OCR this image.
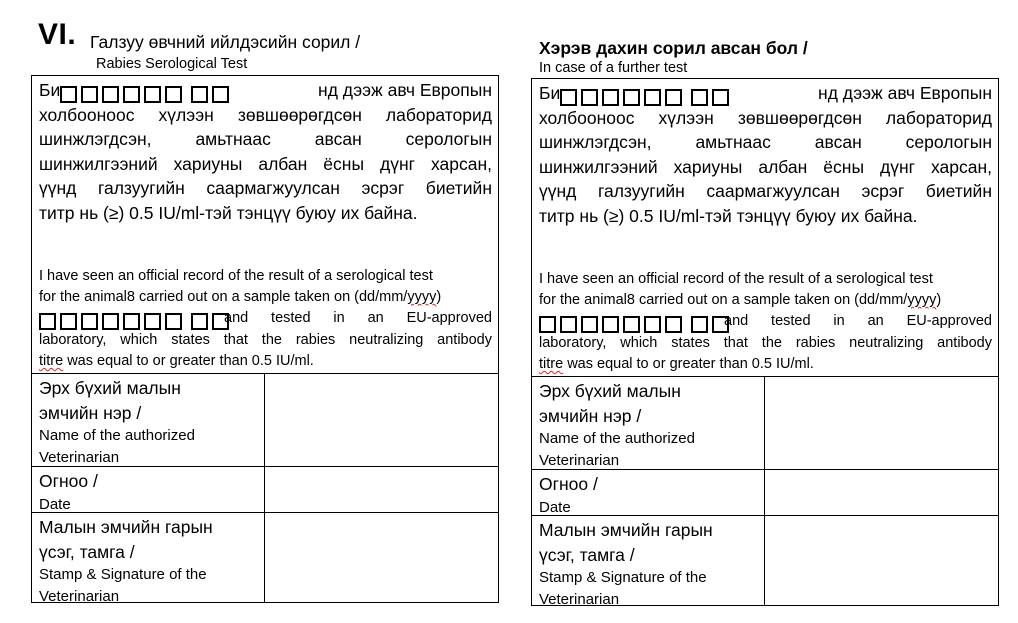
VI. Галзуу өвчний ийлдэсийн сорил /
Rabies Serological Test
Хэрэв дахин сорил авсан бол /
In case of a further test
Би	нд дээж авч Европын
холбооноос хүлээн зөвшөөрөгдсөн лабораторид
шинжлэгдсэн, амьтнаас авсан серологын
шинжилгээний хариуны албан ёсны дүнг харсан,
үүнд галзуугийн саармагжуулсан эсрэг биетийн
титр нь (≥) 0.5 IU/ml-тэй тэнцүү буюу их байна.
I have seen an official record of the result of a serological test
for the animal8 carried out on a sample taken on (dd/mm/yyyy)
and tested in an EU-approved
laboratory, which states that the rabies neutralizing antibody
titre was equal to or greater than 0.5 IU/ml.
Эрх бүхий малын
эмчийн нэр /
Name of the authorized
Veterinarian
Огноо /
Date
Малын эмчийн гарын
үсэг, тамга /
Stamp & Signature of the
Veterinarian
Би	нд дээж авч Европын
холбооноос хүлээн зөвшөөрөгдсөн лабораторид
шинжлэгдсэн, амьтнаас авсан серологын
шинжилгээний хариуны албан ёсны дүнг харсан,
үүнд галзуугийн саармагжуулсан эсрэг биетийн
титр нь (≥) 0.5 IU/ml-тэй тэнцүү буюу их байна.
I have seen an official record of the result of a serological test
for the animal8 carried out on a sample taken on (dd/mm/yyyy)
and tested in an EU-approved
laboratory, which states that the rabies neutralizing antibody
titre was equal to or greater than 0.5 IU/ml.
Эрх бүхий малын
эмчийн нэр /
Name of the authorized
Veterinarian
Огноо /
Date
Малын эмчийн гарын
үсэг, тамга /
Stamp & Signature of the
Veterinarian
